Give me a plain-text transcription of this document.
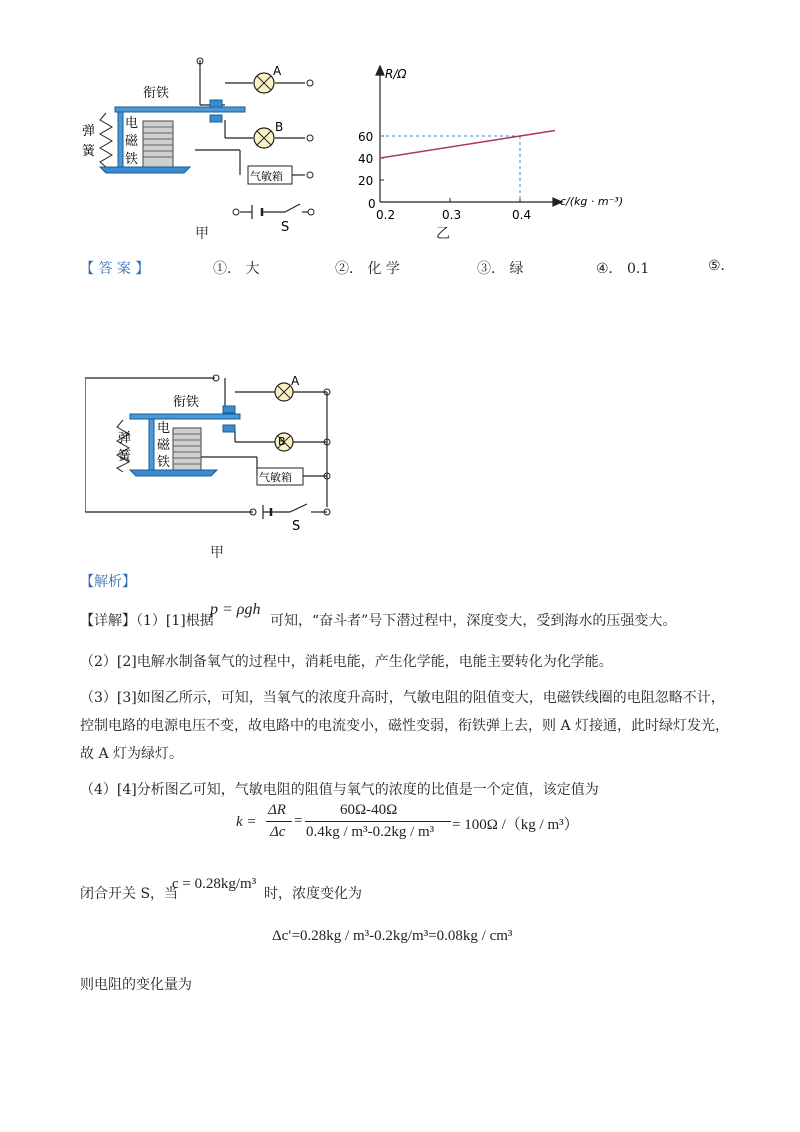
A
B
衔铁
弹
簧
电
磁
铁
气敏箱
S
甲
R/Ω
c/(kg · m⁻³)
0
0.2	0.3	0.4
20
40
60
乙
【 答 案 】	①． 大	②． 化 学	③． 绿	④． 0.1	⑤.
A
B
衔铁
弹
簧
电
磁
铁
气敏箱
S
甲
【解析】
【详解】（1）[1]根据
p = ρgh
可知，“奋斗者”号下潜过程中，深度变大，受到海水的压强变大。
（2）[2]电解水制备氧气的过程中，消耗电能，产生化学能，电能主要转化为化学能。
（3）[3]如图乙所示，可知，当氧气的浓度升高时，气敏电阻的阻值变大，电磁铁线圈的电阻忽略不计，
控制电路的电源电压不变，故电路中的电流变小，磁性变弱，衔铁弹上去，则 A 灯接通，此时绿灯发光，
故 A 灯为绿灯。
（4）[4]分析图乙可知，气敏电阻的阻值与氧气的浓度的比值是一个定值，该定值为
k =
ΔR
Δc
=
60Ω-40Ω
0.4kg / m³-0.2kg / m³ = 100Ω /（kg / m³）
闭合开关 S，当
c = 0.28kg/m³
时，浓度变化为
Δc′=0.28kg / m³-0.2kg/m³=0.08kg / cm³
则电阻的变化量为
